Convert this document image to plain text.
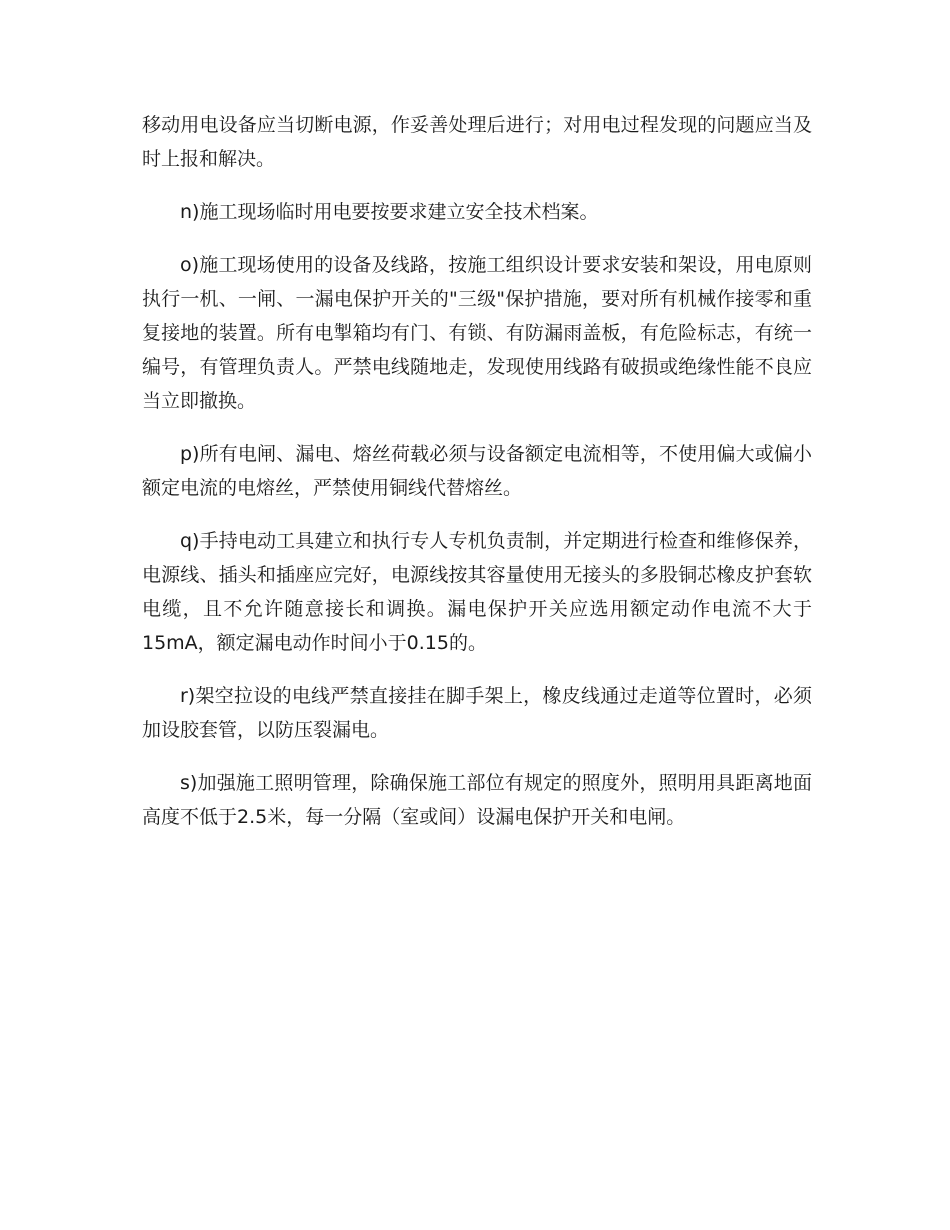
移动用电设备应当切断电源，作妥善处理后进行；对用电过程发现的问题应当及时上报和解决。

n)施工现场临时用电要按要求建立安全技术档案。

o)施工现场使用的设备及线路，按施工组织设计要求安装和架设，用电原则执行一机、一闸、一漏电保护开关的"三级"保护措施，要对所有机械作接零和重复接地的装置。所有电掣箱均有门、有锁、有防漏雨盖板，有危险标志，有统一编号，有管理负责人。严禁电线随地走，发现使用线路有破损或绝缘性能不良应当立即撤换。

p)所有电闸、漏电、熔丝荷载必须与设备额定电流相等，不使用偏大或偏小额定电流的电熔丝，严禁使用铜线代替熔丝。

q)手持电动工具建立和执行专人专机负责制，并定期进行检查和维修保养，电源线、插头和插座应完好，电源线按其容量使用无接头的多股铜芯橡皮护套软电缆，且不允许随意接长和调换。漏电保护开关应选用额定动作电流不大于15mA，额定漏电动作时间小于0.15的。

r)架空拉设的电线严禁直接挂在脚手架上，橡皮线通过走道等位置时，必须加设胶套管，以防压裂漏电。

s)加强施工照明管理，除确保施工部位有规定的照度外，照明用具距离地面高度不低于2.5米，每一分隔（室或间）设漏电保护开关和电闸。
